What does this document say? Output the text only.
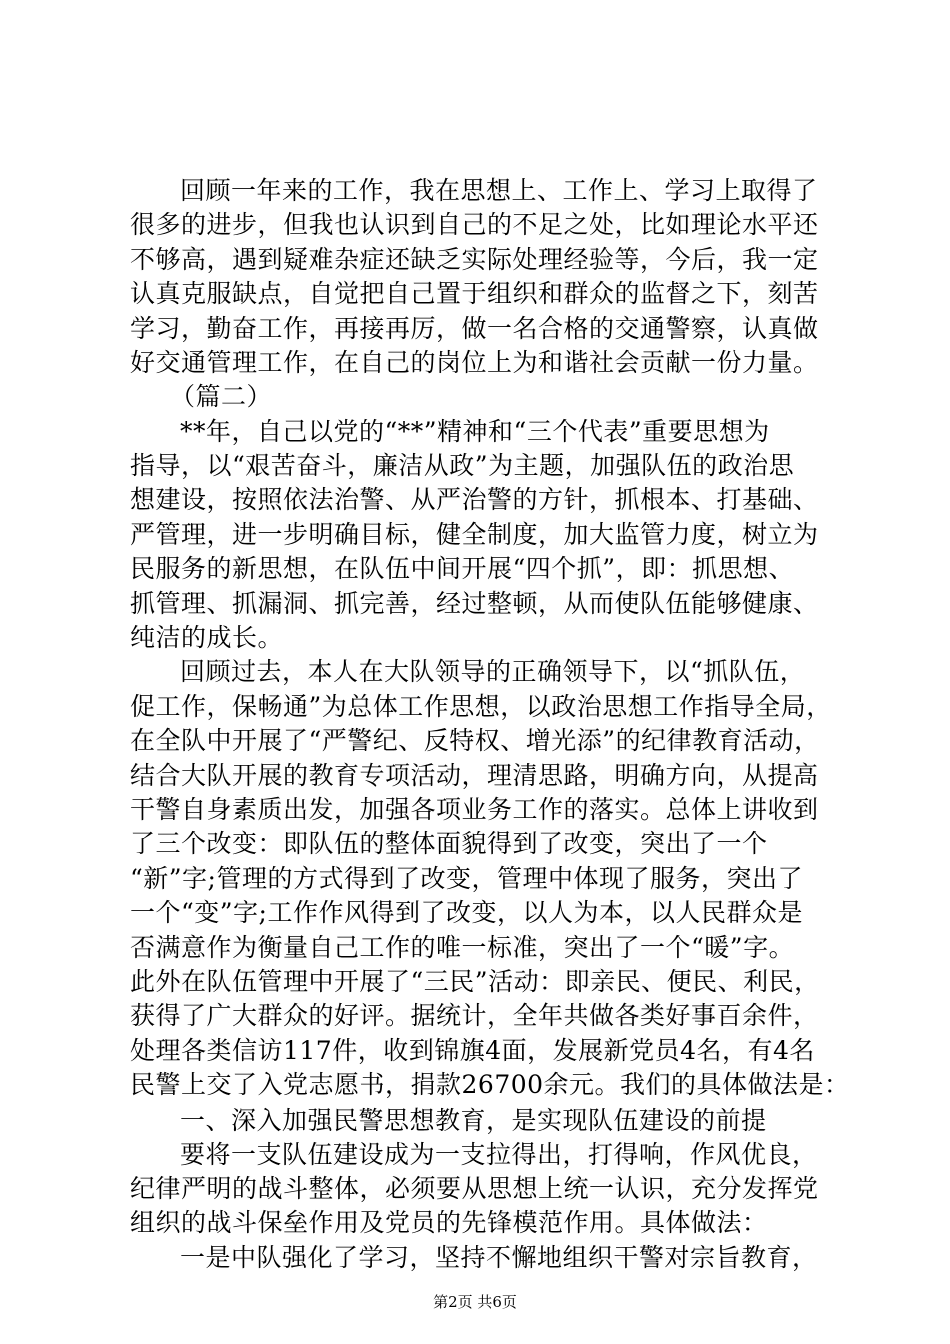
回顾一年来的工作，我在思想上、工作上、学习上取得了
很多的进步，但我也认识到自己的不足之处，比如理论水平还
不够高，遇到疑难杂症还缺乏实际处理经验等，今后，我一定
认真克服缺点，自觉把自己置于组织和群众的监督之下，刻苦
学习，勤奋工作，再接再厉，做一名合格的交通警察，认真做
好交通管理工作，在自己的岗位上为和谐社会贡献一份力量。
（篇二）
**年，自己以党的“**”精神和“三个代表”重要思想为
指导，以“艰苦奋斗，廉洁从政”为主题，加强队伍的政治思
想建设，按照依法治警、从严治警的方针，抓根本、打基础、
严管理，进一步明确目标，健全制度，加大监管力度，树立为
民服务的新思想，在队伍中间开展“四个抓”，即：抓思想、
抓管理、抓漏洞、抓完善，经过整顿，从而使队伍能够健康、
纯洁的成长。
回顾过去，本人在大队领导的正确领导下，以“抓队伍，
促工作，保畅通”为总体工作思想，以政治思想工作指导全局，
在全队中开展了“严警纪、反特权、增光添”的纪律教育活动，
结合大队开展的教育专项活动，理清思路，明确方向，从提高
干警自身素质出发，加强各项业务工作的落实。总体上讲收到
了三个改变：即队伍的整体面貌得到了改变，突出了一个
“新”字;管理的方式得到了改变，管理中体现了服务，突出了
一个“变”字;工作作风得到了改变，以人为本，以人民群众是
否满意作为衡量自己工作的唯一标准，突出了一个“暖”字。
此外在队伍管理中开展了“三民”活动：即亲民、便民、利民，
获得了广大群众的好评。据统计，全年共做各类好事百余件，
处理各类信访117件，收到锦旗4面，发展新党员4名，有4名
民警上交了入党志愿书，捐款26700余元。我们的具体做法是：
一、深入加强民警思想教育，是实现队伍建设的前提
要将一支队伍建设成为一支拉得出，打得响，作风优良，
纪律严明的战斗整体，必须要从思想上统一认识，充分发挥党
组织的战斗保垒作用及党员的先锋模范作用。具体做法：
一是中队强化了学习，坚持不懈地组织干警对宗旨教育，
第2页 共6页
